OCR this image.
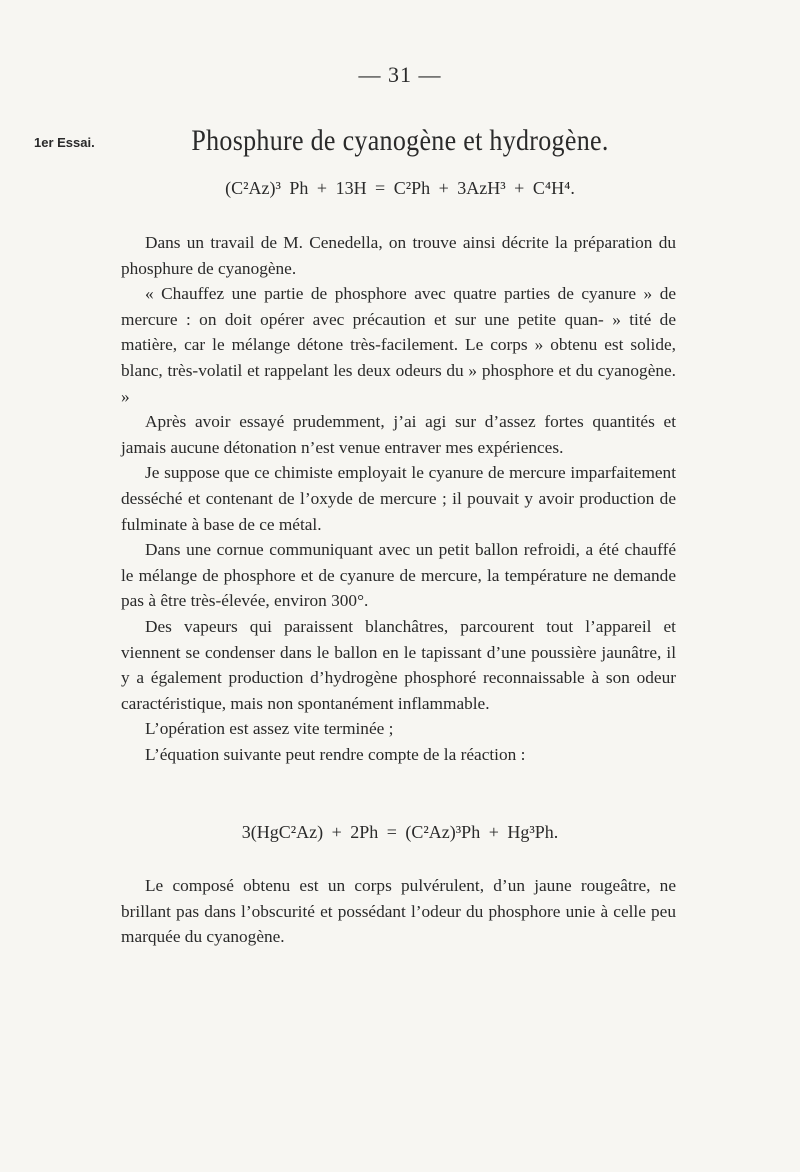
— 31 —
1er Essai.	Phosphure de cyanogène et hydrogène.
(C²Az)³ Ph + 13H = C²Ph + 3AzH³ + C⁴H⁴.

Dans un travail de M. Cenedella, on trouve ainsi décrite la préparation du phosphure de cyanogène.

« Chauffez une partie de phosphore avec quatre parties de cyanure » de mercure : on doit opérer avec précaution et sur une petite quan- » tité de matière, car le mélange détone très-facilement. Le corps » obtenu est solide, blanc, très-volatil et rappelant les deux odeurs du » phosphore et du cyanogène. »

Après avoir essayé prudemment, j’ai agi sur d’assez fortes quantités et jamais aucune détonation n’est venue entraver mes expériences.

Je suppose que ce chimiste employait le cyanure de mercure imparfaitement desséché et contenant de l’oxyde de mercure ; il pouvait y avoir production de fulminate à base de ce métal.

Dans une cornue communiquant avec un petit ballon refroidi, a été chauffé le mélange de phosphore et de cyanure de mercure, la température ne demande pas à être très-élevée, environ 300°.

Des vapeurs qui paraissent blanchâtres, parcourent tout l’appareil et viennent se condenser dans le ballon en le tapissant d’une poussière jaunâtre, il y a également production d’hydrogène phosphoré reconnaissable à son odeur caractéristique, mais non spontanément inflammable.

L’opération est assez vite terminée ;

L’équation suivante peut rendre compte de la réaction :

3(HgC²Az) + 2Ph = (C²Az)³Ph + Hg³Ph.

Le composé obtenu est un corps pulvérulent, d’un jaune rougeâtre, ne brillant pas dans l’obscurité et possédant l’odeur du phosphore unie à celle peu marquée du cyanogène.
